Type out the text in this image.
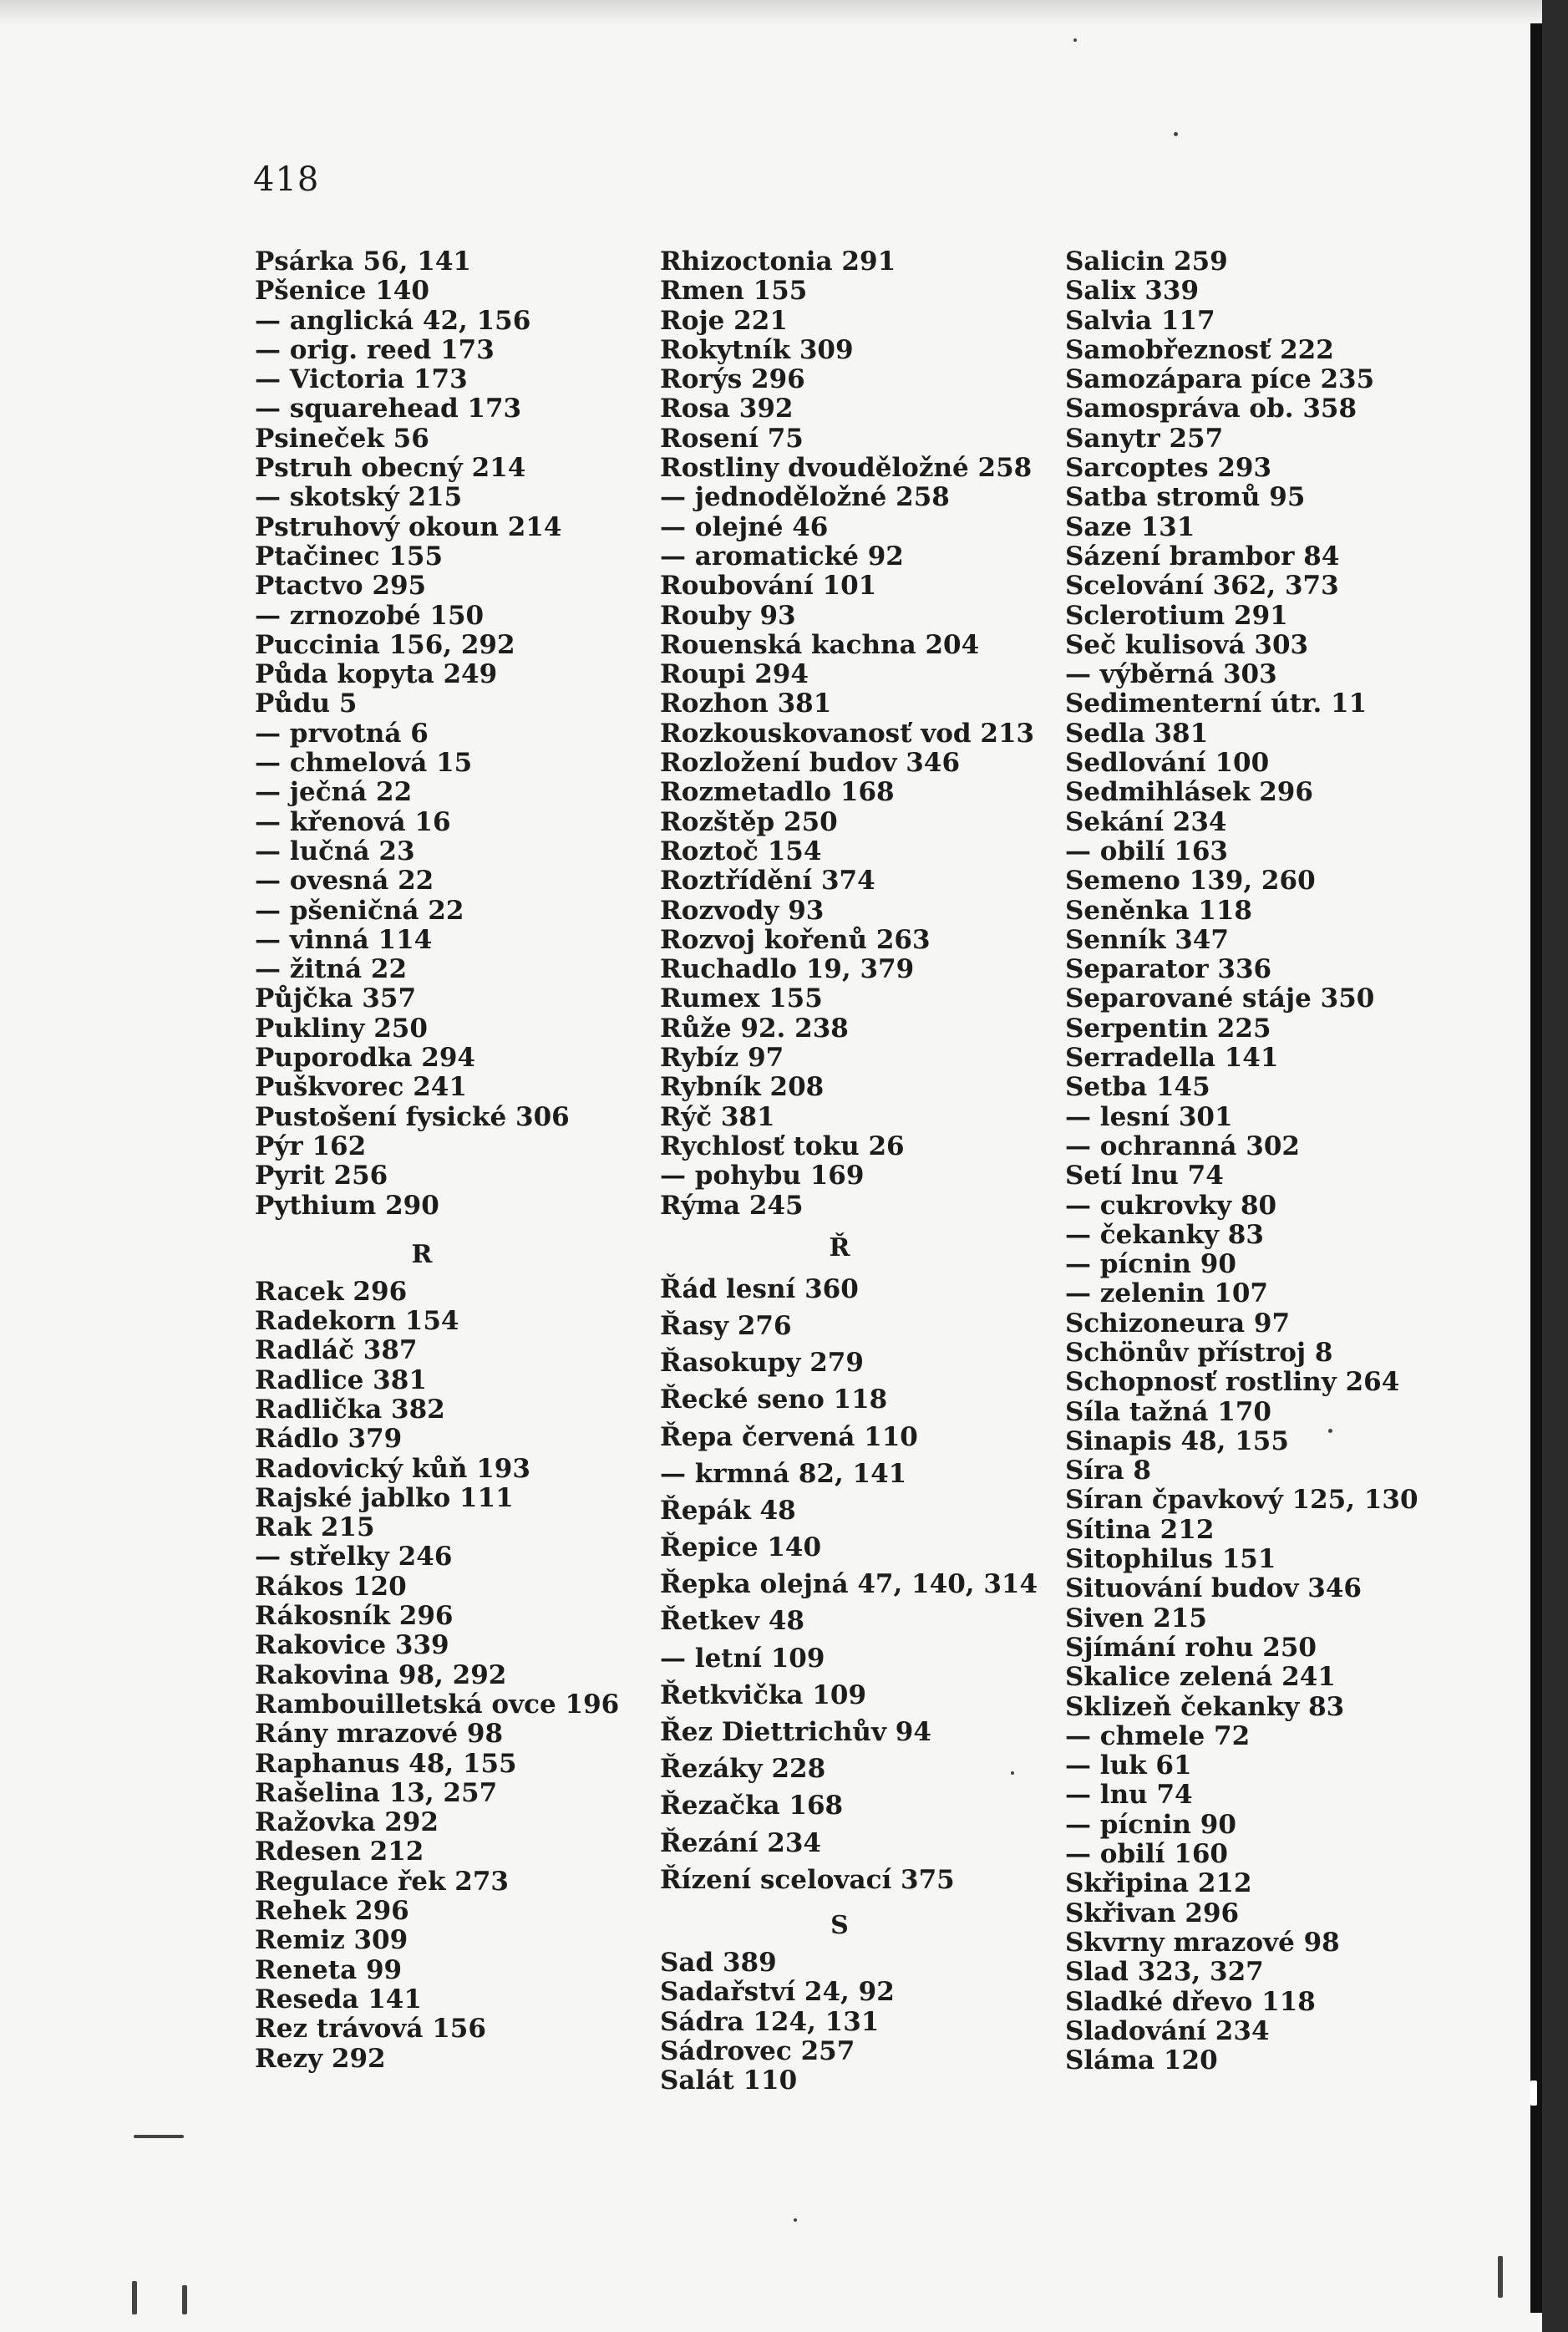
418
Psárka 56, 141
Pšenice 140
— anglická 42, 156
— orig. reed 173
— Victoria 173
— squarehead 173
Psineček 56
Pstruh obecný 214
— skotský 215
Pstruhový okoun 214
Ptačinec 155
Ptactvo 295
— zrnozobé 150
Puccinia 156, 292
Půda kopyta 249
Půdu 5
— prvotná 6
— chmelová 15
— ječná 22
— křenová 16
— lučná 23
— ovesná 22
— pšeničná 22
— vinná 114
— žitná 22
Půjčka 357
Pukliny 250
Puporodka 294
Puškvorec 241
Pustošení fysické 306
Pýr 162
Pyrit 256
Pythium 290
R
Racek 296
Radekorn 154
Radláč 387
Radlice 381
Radlička 382
Rádlo 379
Radovický kůň 193
Rajské jablko 111
Rak 215
— střelky 246
Rákos 120
Rákosník 296
Rakovice 339
Rakovina 98, 292
Rambouilletská ovce 196
Rány mrazové 98
Raphanus 48, 155
Rašelina 13, 257
Ražovka 292
Rdesen 212
Regulace řek 273
Rehek 296
Remiz 309
Reneta 99
Reseda 141
Rez trávová 156
Rezy 292
Rhizoctonia 291
Rmen 155
Roje 221
Rokytník 309
Rorýs 296
Rosa 392
Rosení 75
Rostliny dvouděložné 258
— jednoděložné 258
— olejné 46
— aromatické 92
Roubování 101
Rouby 93
Rouenská kachna 204
Roupi 294
Rozhon 381
Rozkouskovanosť vod 213
Rozložení budov 346
Rozmetadlo 168
Rozštěp 250
Roztoč 154
Roztřídění 374
Rozvody 93
Rozvoj kořenů 263
Ruchadlo 19, 379
Rumex 155
Růže 92. 238
Rybíz 97
Rybník 208
Rýč 381
Rychlosť toku 26
— pohybu 169
Rýma 245
Ř
Řád lesní 360
Řasy 276
Řasokupy 279
Řecké seno 118
Řepa červená 110
— krmná 82, 141
Řepák 48
Řepice 140
Řepka olejná 47, 140, 314
Řetkev 48
— letní 109
Řetkvička 109
Řez Diettrichův 94
Řezáky 228
Řezačka 168
Řezání 234
Řízení scelovací 375
S
Sad 389
Sadařství 24, 92
Sádra 124, 131
Sádrovec 257
Salát 110
Salicin 259
Salix 339
Salvia 117
Samobřeznosť 222
Samozápara píce 235
Samospráva ob. 358
Sanytr 257
Sarcoptes 293
Satba stromů 95
Saze 131
Sázení brambor 84
Scelování 362, 373
Sclerotium 291
Seč kulisová 303
— výběrná 303
Sedimenterní útr. 11
Sedla 381
Sedlování 100
Sedmihlásek 296
Sekání 234
— obilí 163
Semeno 139, 260
Seněnka 118
Senník 347
Separator 336
Separované stáje 350
Serpentin 225
Serradella 141
Setba 145
— lesní 301
— ochranná 302
Setí lnu 74
— cukrovky 80
— čekanky 83
— pícnin 90
— zelenin 107
Schizoneura 97
Schönův přístroj 8
Schopnosť rostliny 264
Síla tažná 170
Sinapis 48, 155
Síra 8
Síran čpavkový 125, 130
Sítina 212
Sitophilus 151
Situování budov 346
Siven 215
Sjímání rohu 250
Skalice zelená 241
Sklizeň čekanky 83
— chmele 72
— luk 61
— lnu 74
— pícnin 90
— obilí 160
Skřipina 212
Skřivan 296
Skvrny mrazové 98
Slad 323, 327
Sladké dřevo 118
Sladování 234
Sláma 120
